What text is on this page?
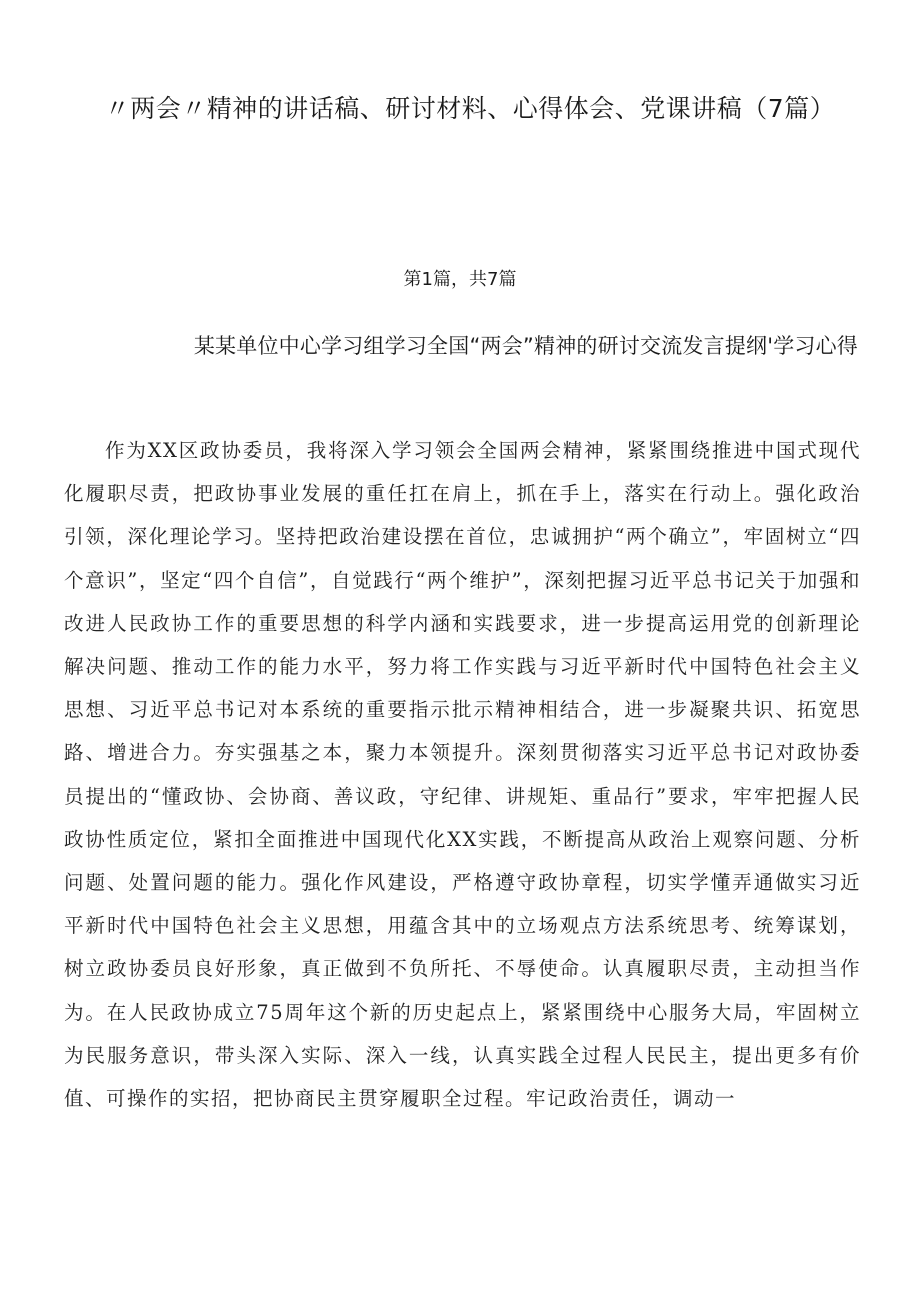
〃两会〃精神的讲话稿、研讨材料、心得体会、党课讲稿（7篇）
第1篇，共7篇
某某单位中心学习组学习全国“两会”精神的研讨交流发言提纲'学习心得

作为XX区政协委员，我将深入学习领会全国两会精神，紧紧围绕推进中国式现代化履职尽责，把政协事业发展的重任扛在肩上，抓在手上，落实在行动上。强化政治引领，深化理论学习。坚持把政治建设摆在首位，忠诚拥护“两个确立”，牢固树立“四个意识”，坚定“四个自信”，自觉践行“两个维护”，深刻把握习近平总书记关于加强和改进人民政协工作的重要思想的科学内涵和实践要求，进一步提高运用党的创新理论解决问题、推动工作的能力水平，努力将工作实践与习近平新时代中国特色社会主义思想、习近平总书记对本系统的重要指示批示精神相结合，进一步凝聚共识、拓宽思路、增进合力。夯实强基之本，聚力本领提升。深刻贯彻落实习近平总书记对政协委员提出的“懂政协、会协商、善议政，守纪律、讲规矩、重品行”要求，牢牢把握人民政协性质定位，紧扣全面推进中国现代化XX实践，不断提高从政治上观察问题、分析问题、处置问题的能力。强化作风建设，严格遵守政协章程，切实学懂弄通做实习近平新时代中国特色社会主义思想，用蕴含其中的立场观点方法系统思考、统筹谋划，树立政协委员良好形象，真正做到不负所托、不辱使命。认真履职尽责，主动担当作为。在人民政协成立75周年这个新的历史起点上，紧紧围绕中心服务大局，牢固树立为民服务意识，带头深入实际、深入一线，认真实践全过程人民民主，提出更多有价值、可操作的实招，把协商民主贯穿履职全过程。牢记政治责任，调动一
